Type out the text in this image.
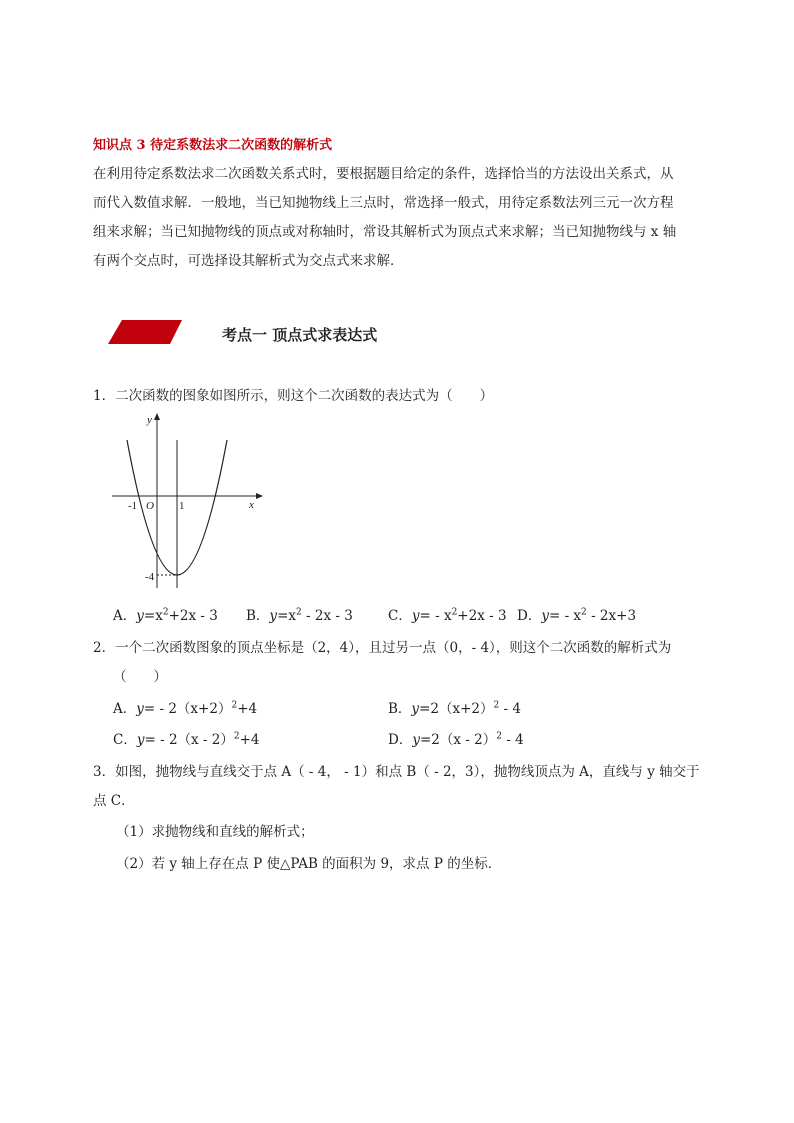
知识点 3 待定系数法求二次函数的解析式
在利用待定系数法求二次函数关系式时，要根据题目给定的条件，选择恰当的方法设出关系式，从
而代入数值求解．一般地，当已知抛物线上三点时，常选择一般式，用待定系数法列三元一次方程
组来求解；当已知抛物线的顶点或对称轴时，常设其解析式为顶点式来求解；当已知抛物线与 x 轴
有两个交点时，可选择设其解析式为交点式来求解．
考点一 顶点式求表达式
1．二次函数的图象如图所示，则这个二次函数的表达式为（　　）
y
x
O
-1	1
-4
A．$y=x^2+2x - 3$ B．$y=x^2 - 2x - 3$	C．$y= - x^2+2x - 3$ D．$y= - x^2 - 2x+3$
2．一个二次函数图象的顶点坐标是（2，4），且过另一点（0，- 4），则这个二次函数的解析式为
（　　）
A．$y= - 2(x+2)^2+4$	B．$y=2(x+2)^2 - 4$
C．y= - 2（x - 2）$^2$+4	D．y=2（x - 2）$^2$ - 4
3．如图，抛物线与直线交于点 A（ - 4， - 1）和点 B（ - 2，3），抛物线顶点为 A，直线与 y 轴交于
点 C．
（1）求抛物线和直线的解析式；
（2）若 y 轴上存在点 P 使△PAB 的面积为 9，求点 P 的坐标．
